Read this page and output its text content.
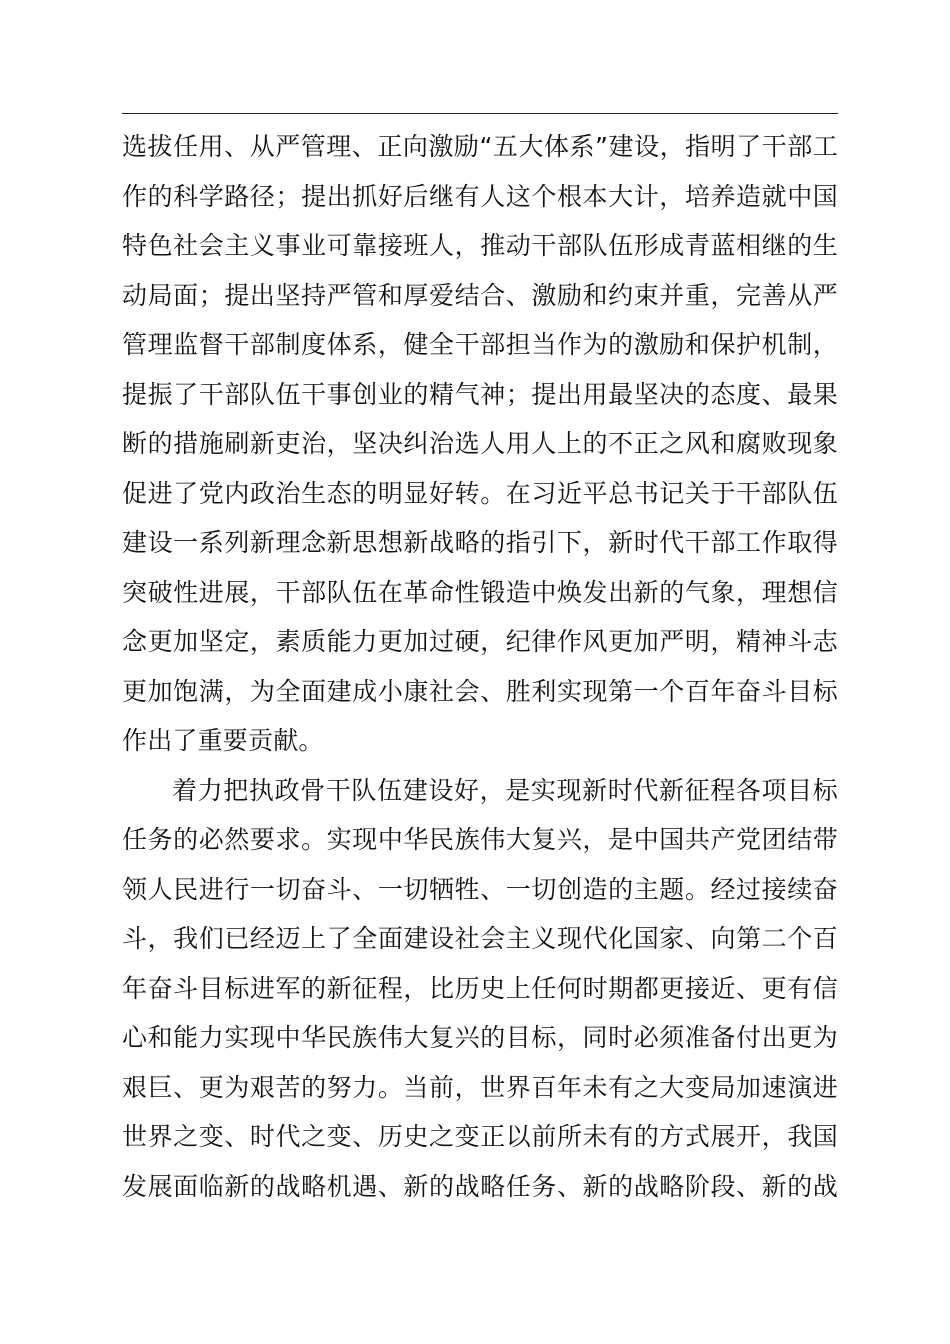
选拔任用、从严管理、正向激励“五大体系”建设，指明了干部工
作的科学路径；提出抓好后继有人这个根本大计，培养造就中国
特色社会主义事业可靠接班人，推动干部队伍形成青蓝相继的生
动局面；提出坚持严管和厚爱结合、激励和约束并重，完善从严
管理监督干部制度体系，健全干部担当作为的激励和保护机制，
提振了干部队伍干事创业的精气神；提出用最坚决的态度、最果
断的措施刷新吏治，坚决纠治选人用人上的不正之风和腐败现象
促进了党内政治生态的明显好转。在习近平总书记关于干部队伍
建设一系列新理念新思想新战略的指引下，新时代干部工作取得
突破性进展，干部队伍在革命性锻造中焕发出新的气象，理想信
念更加坚定，素质能力更加过硬，纪律作风更加严明，精神斗志
更加饱满，为全面建成小康社会、胜利实现第一个百年奋斗目标
作出了重要贡献。
着力把执政骨干队伍建设好，是实现新时代新征程各项目标
任务的必然要求。实现中华民族伟大复兴，是中国共产党团结带
领人民进行一切奋斗、一切牺牲、一切创造的主题。经过接续奋
斗，我们已经迈上了全面建设社会主义现代化国家、向第二个百
年奋斗目标进军的新征程，比历史上任何时期都更接近、更有信
心和能力实现中华民族伟大复兴的目标，同时必须准备付出更为
艰巨、更为艰苦的努力。当前，世界百年未有之大变局加速演进
世界之变、时代之变、历史之变正以前所未有的方式展开，我国
发展面临新的战略机遇、新的战略任务、新的战略阶段、新的战
